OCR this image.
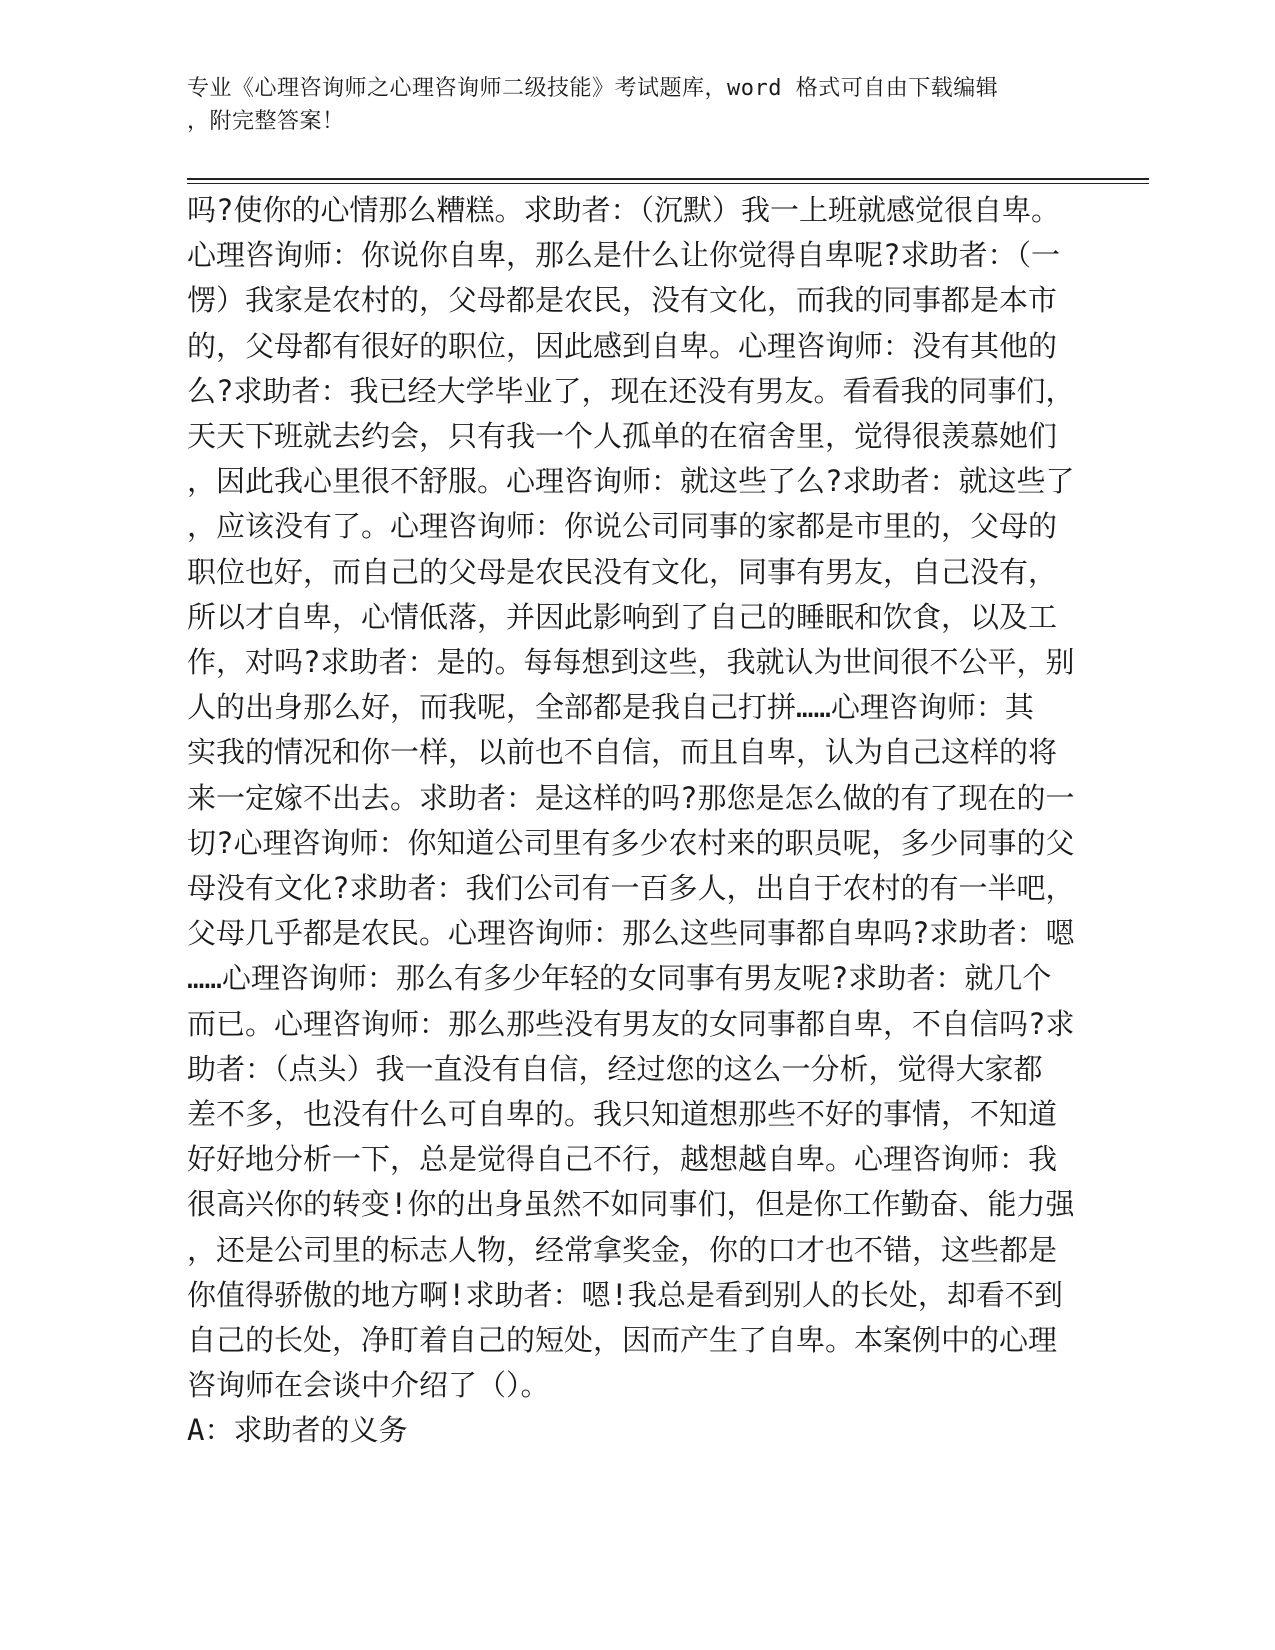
专业《心理咨询师之心理咨询师二级技能》考试题库，word 格式可自由下载编辑
，附完整答案！
吗?使你的心情那么糟糕。求助者：（沉默）我一上班就感觉很自卑。
心理咨询师：你说你自卑，那么是什么让你觉得自卑呢?求助者：（一
愣）我家是农村的，父母都是农民，没有文化，而我的同事都是本市
的，父母都有很好的职位，因此感到自卑。心理咨询师：没有其他的
么?求助者：我已经大学毕业了，现在还没有男友。看看我的同事们，
天天下班就去约会，只有我一个人孤单的在宿舍里，觉得很羡慕她们
，因此我心里很不舒服。心理咨询师：就这些了么?求助者：就这些了
，应该没有了。心理咨询师：你说公司同事的家都是市里的，父母的
职位也好，而自己的父母是农民没有文化，同事有男友，自己没有，
所以才自卑，心情低落，并因此影响到了自己的睡眠和饮食，以及工
作，对吗?求助者：是的。每每想到这些，我就认为世间很不公平，别
人的出身那么好，而我呢，全部都是我自己打拼……心理咨询师：其
实我的情况和你一样，以前也不自信，而且自卑，认为自己这样的将
来一定嫁不出去。求助者：是这样的吗?那您是怎么做的有了现在的一
切?心理咨询师：你知道公司里有多少农村来的职员呢，多少同事的父
母没有文化?求助者：我们公司有一百多人，出自于农村的有一半吧，
父母几乎都是农民。心理咨询师：那么这些同事都自卑吗?求助者：嗯
……心理咨询师：那么有多少年轻的女同事有男友呢?求助者：就几个
而已。心理咨询师：那么那些没有男友的女同事都自卑，不自信吗?求
助者：（点头）我一直没有自信，经过您的这么一分析，觉得大家都
差不多，也没有什么可自卑的。我只知道想那些不好的事情，不知道
好好地分析一下，总是觉得自己不行，越想越自卑。心理咨询师：我
很高兴你的转变!你的出身虽然不如同事们，但是你工作勤奋、能力强
，还是公司里的标志人物，经常拿奖金，你的口才也不错，这些都是
你值得骄傲的地方啊!求助者：嗯!我总是看到别人的长处，却看不到
自己的长处，净盯着自己的短处，因而产生了自卑。本案例中的心理
咨询师在会谈中介绍了（）。
A：求助者的义务
